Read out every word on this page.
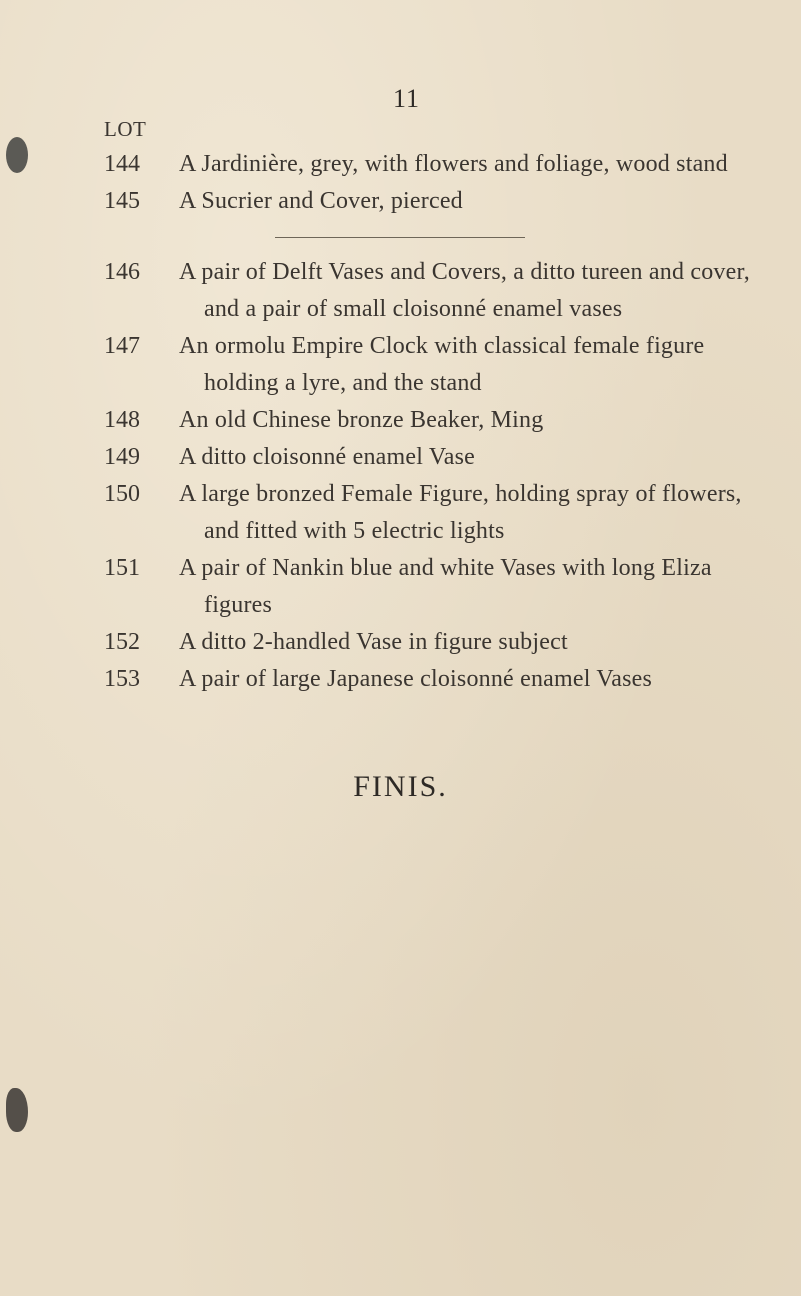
11
LOT
144	A Jardinière, grey, with flowers and foliage, wood stand
145	A Sucrier and Cover, pierced
146	A pair of Delft Vases and Covers, a ditto tureen and cover,
and a pair of small cloisonné enamel vases
147	An ormolu Empire Clock with classical female figure
holding a lyre, and the stand
148	An old Chinese bronze Beaker, Ming
149	A ditto cloisonné enamel Vase
150	A large bronzed Female Figure, holding spray of flowers,
and fitted with 5 electric lights
151	A pair of Nankin blue and white Vases with long Eliza
figures
152	A ditto 2-handled Vase in figure subject
153	A pair of large Japanese cloisonné enamel Vases
FINIS.
